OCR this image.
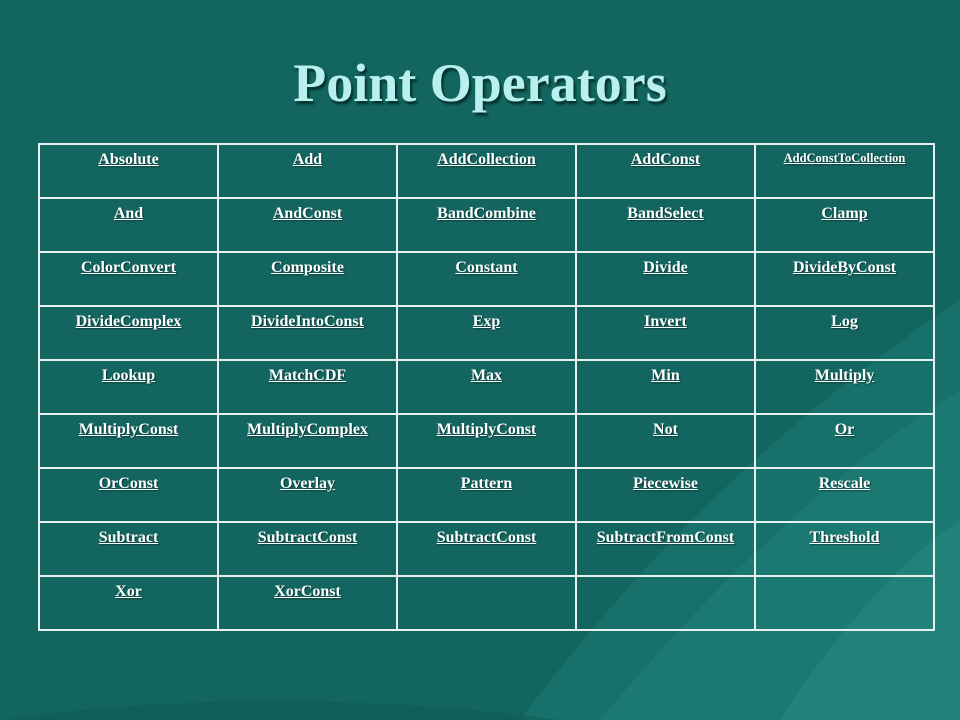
Point Operators
Absolute	Add	AddCollection	AddConst	AddConstToCollection

And	AndConst	BandCombine	BandSelect	Clamp

ColorConvert	Composite	Constant	Divide	DivideByConst

DivideComplex	DivideIntoConst	Exp	Invert	Log

Lookup	MatchCDF	Max	Min	Multiply

MultiplyConst	MultiplyComplex	MultiplyConst	Not	Or

OrConst	Overlay	Pattern	Piecewise	Rescale

Subtract	SubtractConst	SubtractConst	SubtractFromConst	Threshold

Xor	XorConst			
